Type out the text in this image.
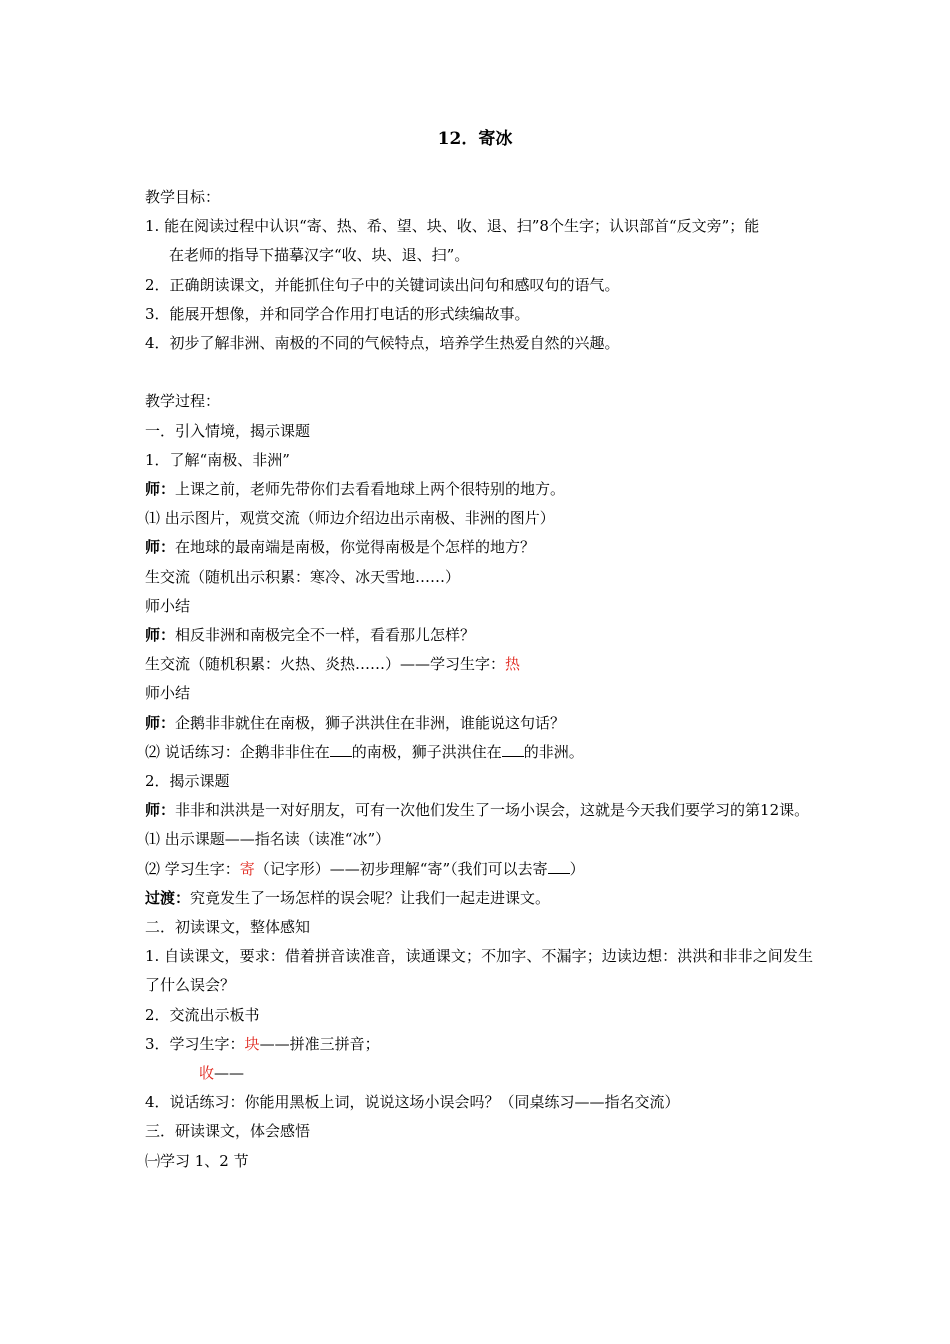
12．寄冰
教学目标：
1. 能在阅读过程中认识“寄、热、希、望、块、收、退、扫”8个生字；认识部首“反文旁”；能
在老师的指导下描摹汉字“收、块、退、扫”。
2．正确朗读课文，并能抓住句子中的关键词读出问句和感叹句的语气。
3．能展开想像，并和同学合作用打电话的形式续编故事。
4．初步了解非洲、南极的不同的气候特点，培养学生热爱自然的兴趣。
教学过程：
一．引入情境，揭示课题
1．了解“南极、非洲”
师：上课之前，老师先带你们去看看地球上两个很特别的地方。
⑴ 出示图片，观赏交流（师边介绍边出示南极、非洲的图片）
师：在地球的最南端是南极，你觉得南极是个怎样的地方？
生交流（随机出示积累：寒冷、冰天雪地……）
师小结
师：相反非洲和南极完全不一样，看看那儿怎样？
生交流（随机积累：火热、炎热……）——学习生字：热
师小结
师：企鹅非非就住在南极，狮子洪洪住在非洲，谁能说这句话？
⑵ 说话练习：企鹅非非住在 的南极，狮子洪洪住在 的非洲。
2．揭示课题
师：非非和洪洪是一对好朋友，可有一次他们发生了一场小误会，这就是今天我们要学习的第12课。
⑴ 出示课题——指名读（读准“冰”）
⑵ 学习生字：寄（记字形）——初步理解“寄”（我们可以去寄 ）
过渡：究竟发生了一场怎样的误会呢？让我们一起走进课文。
二．初读课文，整体感知
1. 自读课文，要求：借着拼音读准音，读通课文；不加字、不漏字；边读边想：洪洪和非非之间发生了什么误会？
2．交流出示板书
3．学习生字：块——拼准三拼音；
收——
4．说话练习：你能用黑板上词，说说这场小误会吗？（同桌练习——指名交流）
三．研读课文，体会感悟
㈠学习 1、2 节
